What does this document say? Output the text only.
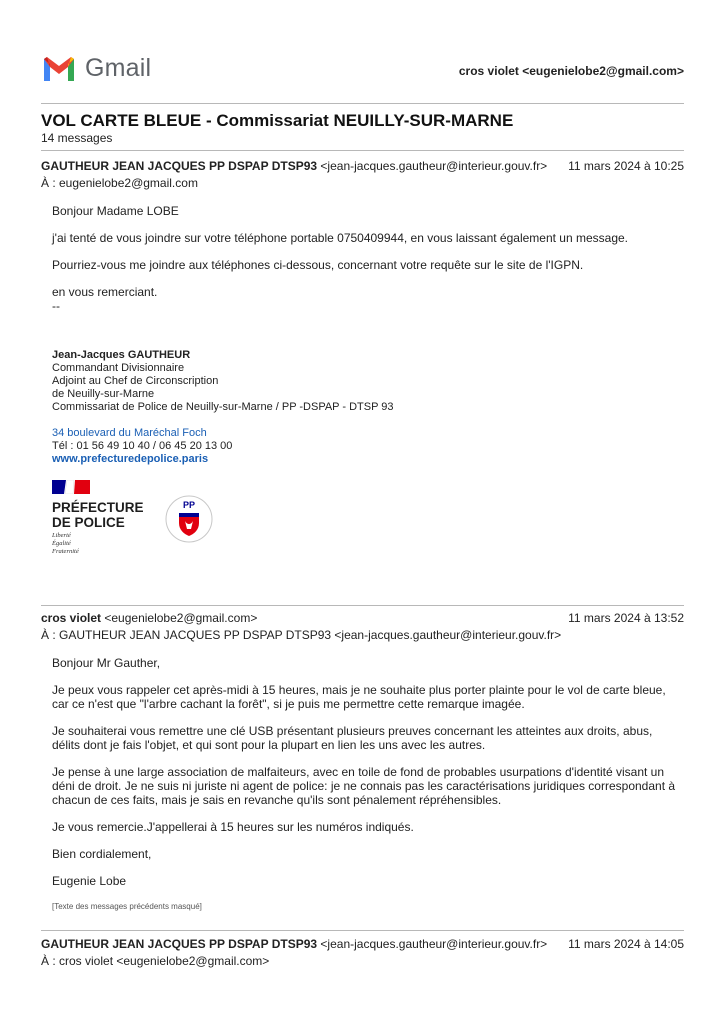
Gmail	cros violet <eugenielobe2@gmail.com>
VOL CARTE BLEUE - Commissariat NEUILLY-SUR-MARNE
14 messages
GAUTHEUR JEAN JACQUES PP DSPAP DTSP93 <jean-jacques.gautheur@interieur.gouv.fr> 11 mars 2024 à 10:25
À : eugenielobe2@gmail.com

Bonjour Madame LOBE

j'ai tenté de vous joindre sur votre téléphone portable 0750409944, en vous laissant également un message.

Pourriez-vous me joindre aux téléphones ci-dessous, concernant votre requête sur le site de l'IGPN.

en vous remerciant.

--

Jean-Jacques GAUTHEUR
Commandant Divisionnaire
Adjoint au Chef de Circonscription
de Neuilly-sur-Marne
Commissariat de Police de Neuilly-sur-Marne / PP -DSPAP - DTSP 93
34 boulevard du Maréchal Foch
Tél : 01 56 49 10 40 / 06 45 20 13 00
www.prefecturedepolice.paris
PRÉFECTURE
DE POLICE
Liberté
Égalité
Fraternité
PP
cros violet <eugenielobe2@gmail.com>	11 mars 2024 à 13:52
À : GAUTHEUR JEAN JACQUES PP DSPAP DTSP93 <jean-jacques.gautheur@interieur.gouv.fr>

Bonjour Mr Gauther,

Je peux vous rappeler cet après-midi à 15 heures, mais je ne souhaite plus porter plainte pour le vol de carte bleue, car ce n'est que "l'arbre cachant la forêt", si je puis me permettre cette remarque imagée.

Je souhaiterai vous remettre une clé USB présentant plusieurs preuves concernant les atteintes aux droits, abus, délits dont je fais l'objet, et qui sont pour la plupart en lien les uns avec les autres.

Je pense à une large association de malfaiteurs, avec en toile de fond de probables usurpations d'identité visant un déni de droit. Je ne suis ni juriste ni agent de police: je ne connais pas les caractérisations juridiques correspondant à chacun de ces faits, mais je sais en revanche qu'ils sont pénalement répréhensibles.

Je vous remercie.J'appellerai à 15 heures sur les numéros indiqués.

Bien cordialement,

Eugenie Lobe

[Texte des messages précédents masqué]

GAUTHEUR JEAN JACQUES PP DSPAP DTSP93 <jean-jacques.gautheur@interieur.gouv.fr> 11 mars 2024 à 14:05
À : cros violet <eugenielobe2@gmail.com>
